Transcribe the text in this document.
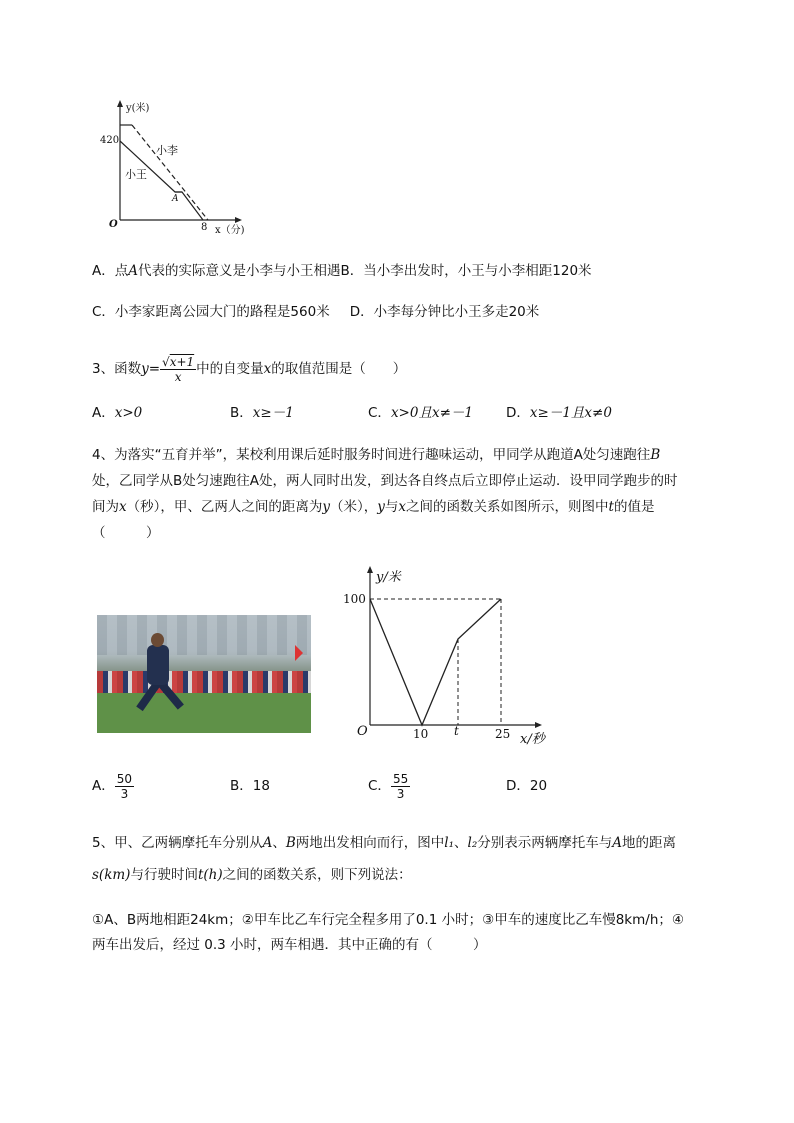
y(米)
420
小李
小王
A
O	8 x（分)
A．点A代表的实际意义是小李与小王相遇B．当小李出发时，小王与小李相距120米
C．小李家距离公园大门的路程是560米 D．小李每分钟比小王多走20米
3、函数$y= \frac{√x+1}{x}$ 中的自变量x的取值范围是（　　）
A．x>0	B．x≥－1	C．x>0且x≠－1 D．x≥－1且x≠0
4、为落实“五育并举”，某校利用课后延时服务时间进行趣味运动，甲同学从跑道A处匀速跑往B
处，乙同学从B处匀速跑往A处，两人同时出发，到达各自终点后立即停止运动．设甲同学跑步的时
间为x（秒），甲、乙两人之间的距离为y（米），y与x之间的函数关系如图所示，则图中t的值是
（　　　）
y/米
100
O	10 t	25 x/秒
A． $\frac{50}{3}$	B．18	C． $\frac{55}{3}$	D．20
5、甲、乙两辆摩托车分别从A、B两地出发相向而行，图中l₁、l₂分别表示两辆摩托车与A地的距离
s(km)与行驶时间t(h)之间的函数关系，则下列说法：
①A、B两地相距24km；②甲车比乙车行完全程多用了0.1 小时；③甲车的速度比乙车慢8km/h；④
两车出发后，经过 0.3 小时，两车相遇．其中正确的有（　　　）
